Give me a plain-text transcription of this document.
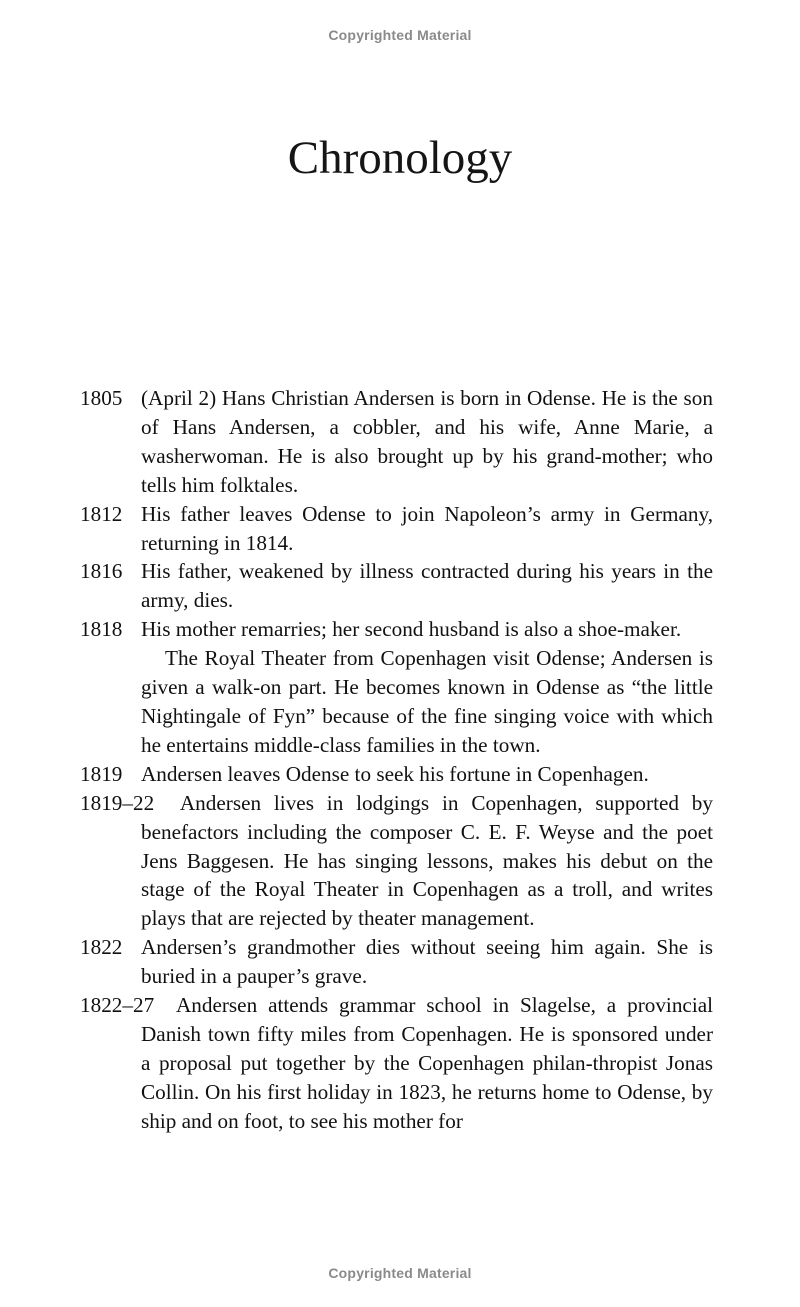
Copyrighted Material
Chronology
1805 (April 2) Hans Christian Andersen is born in Odense. He is the son of Hans Andersen, a cobbler, and his wife, Anne Marie, a washerwoman. He is also brought up by his grand-mother; who tells him folktales.

1812 His father leaves Odense to join Napoleon’s army in Germany, returning in 1814.

1816 His father, weakened by illness contracted during his years in the army, dies.

1818 His mother remarries; her second husband is also a shoe-maker.

The Royal Theater from Copenhagen visit Odense; Andersen is given a walk-on part. He becomes known in Odense as “the little Nightingale of Fyn” because of the fine singing voice with which he entertains middle-class families in the town.

1819 Andersen leaves Odense to seek his fortune in Copenhagen.

1819–22 Andersen lives in lodgings in Copenhagen, supported by

benefactors including the composer C. E. F. Weyse and the poet Jens Baggesen. He has singing lessons, makes his debut on the stage of the Royal Theater in Copenhagen as a troll, and writes plays that are rejected by theater management.

1822 Andersen’s grandmother dies without seeing him again. She is buried in a pauper’s grave.

1822–27 Andersen attends grammar school in Slagelse, a provincial

Danish town fifty miles from Copenhagen. He is sponsored under a proposal put together by the Copenhagen philan-thropist Jonas Collin. On his first holiday in 1823, he returns home to Odense, by ship and on foot, to see his mother for

Copyrighted Material
